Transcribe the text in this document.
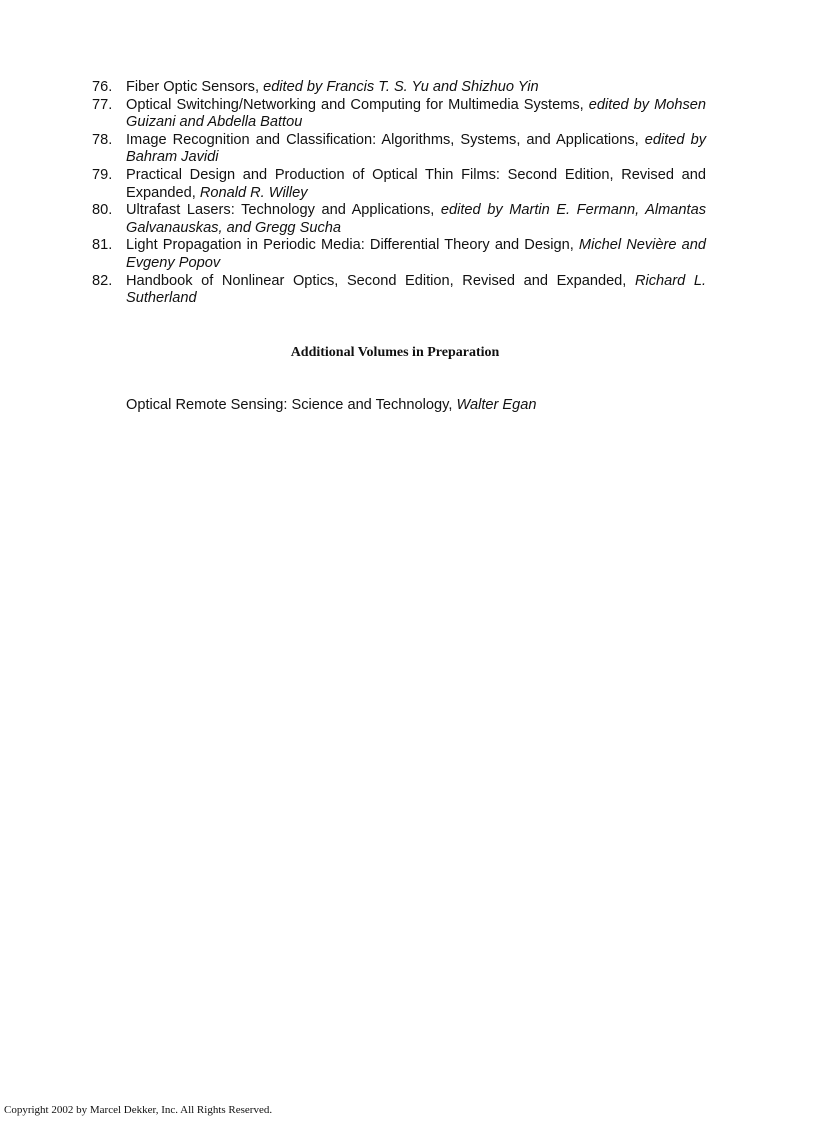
76. Fiber Optic Sensors, edited by Francis T. S. Yu and Shizhuo Yin
77. Optical Switching/Networking and Computing for Multimedia Systems, edited by Mohsen Guizani and Abdella Battou
78. Image Recognition and Classification: Algorithms, Systems, and Applications, edited by Bahram Javidi
79. Practical Design and Production of Optical Thin Films: Second Edition, Revised and Expanded, Ronald R. Willey
80. Ultrafast Lasers: Technology and Applications, edited by Martin E. Fermann, Almantas Galvanauskas, and Gregg Sucha
81. Light Propagation in Periodic Media: Differential Theory and Design, Michel Nevière and Evgeny Popov
82. Handbook of Nonlinear Optics, Second Edition, Revised and Expanded, Richard L. Sutherland
Additional Volumes in Preparation

Optical Remote Sensing: Science and Technology, Walter Egan

Copyright 2002 by Marcel Dekker, Inc. All Rights Reserved.
